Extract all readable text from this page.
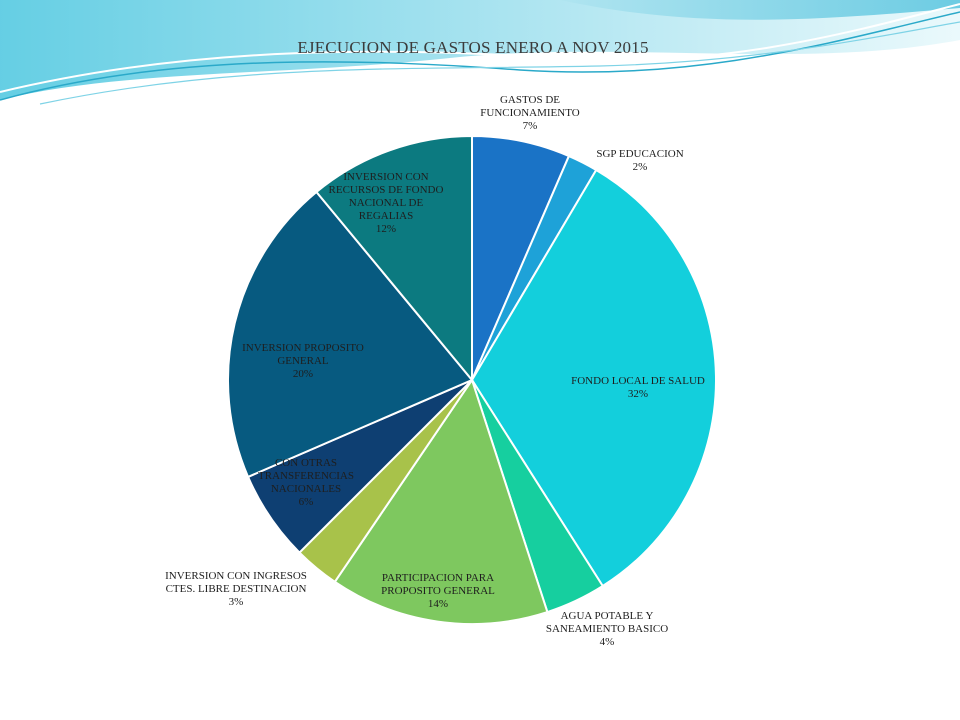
EJECUCION DE GASTOS ENERO A NOV 2015
GASTOS DE FUNCIONAMIENTO 7%
SGP EDUCACION 2%
FONDO LOCAL DE SALUD 32%
AGUA POTABLE Y SANEAMIENTO BASICO 4%
PARTICIPACION PARA PROPOSITO GENERAL 14%
INVERSION CON INGRESOS CTES. LIBRE DESTINACION 3%
CON OTRAS TRANSFERENCIAS NACIONALES 6%
INVERSION PROPOSITO GENERAL 20%
INVERSION CON RECURSOS DE FONDO NACIONAL DE REGALIAS 12%
